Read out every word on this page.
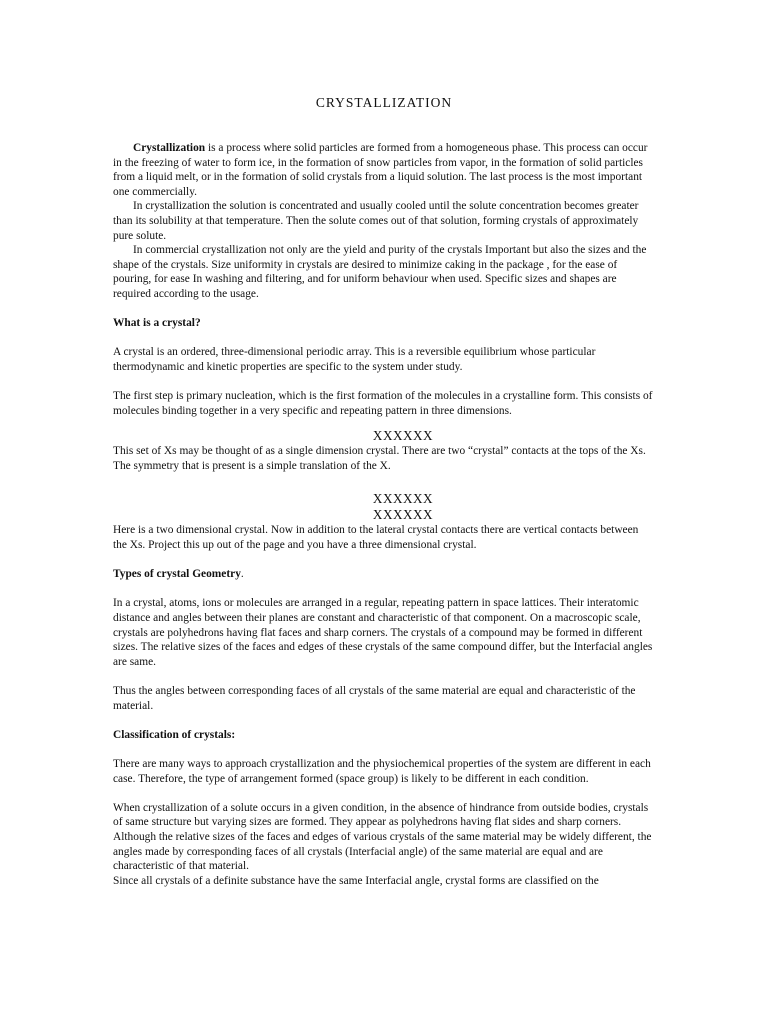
CRYSTALLIZATION

Crystallization is a process where solid particles are formed from a homogeneous phase. This process can occur in the freezing of water to form ice, in the formation of snow particles from vapor, in the formation of solid particles from a liquid melt, or in the formation of solid crystals from a liquid solution. The last process is the most important one commercially.

In crystallization the solution is concentrated and usually cooled until the solute concentration becomes greater than its solubility at that temperature. Then the solute comes out of that solution, forming crystals of approximately pure solute.

In commercial crystallization not only are the yield and purity of the crystals Important but also the sizes and the shape of the crystals. Size uniformity in crystals are desired to minimize caking in the package , for the ease of pouring, for ease In washing and filtering, and for uniform behaviour when used. Specific sizes and shapes are required according to the usage.

What is a crystal?

A crystal is an ordered, three-dimensional periodic array. This is a reversible equilibrium whose particular thermodynamic and kinetic properties are specific to the system under study.

The first step is primary nucleation, which is the first formation of the molecules in a crystalline form. This consists of molecules binding together in a very specific and repeating pattern in three dimensions.

XXXXXX

This set of Xs may be thought of as a single dimension crystal. There are two “crystal” contacts at the tops of the Xs. The symmetry that is present is a simple translation of the X.

XXXXXX
XXXXXX

Here is a two dimensional crystal. Now in addition to the lateral crystal contacts there are vertical contacts between the Xs. Project this up out of the page and you have a three dimensional crystal.

Types of crystal Geometry.

In a crystal, atoms, ions or molecules are arranged in a regular, repeating pattern in space lattices. Their interatomic distance and angles between their planes are constant and characteristic of that component. On a macroscopic scale, crystals are polyhedrons having flat faces and sharp corners. The crystals of a compound may be formed in different sizes. The relative sizes of the faces and edges of these crystals of the same compound differ, but the Interfacial angles are same.

Thus the angles between corresponding faces of all crystals of the same material are equal and characteristic of the material.

Classification of crystals:

There are many ways to approach crystallization and the physiochemical properties of the system are different in each case. Therefore, the type of arrangement formed (space group) is likely to be different in each condition.

When crystallization of a solute occurs in a given condition, in the absence of hindrance from outside bodies, crystals of same structure but varying sizes are formed. They appear as polyhedrons having flat sides and sharp corners. Although the relative sizes of the faces and edges of various crystals of the same material may be widely different, the angles made by corresponding faces of all crystals (Interfacial angle) of the same material are equal and are characteristic of that material.

Since all crystals of a definite substance have the same Interfacial angle, crystal forms are classified on the
